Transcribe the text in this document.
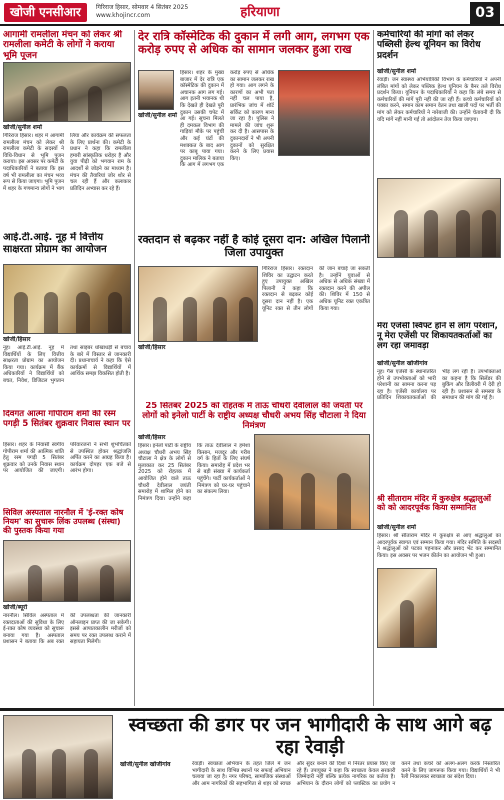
खोजी एनसीआर	गिरिराज हिसार, सोमवार 4 सितंबर 2025
www.khojincr.com	हरियाणा	03
आगामी रामलीला मंचन को लेकर श्री रामलीला कमेटी के लोगों ने कराया भूमि पूजन
खोजी/सुनील शर्मा
गिरिराज हिसार। शहर में आगामी रामलीला मंचन को लेकर श्री रामलीला कमेटी के सदस्यों ने विधि-विधान से भूमि पूजन कराया। इस अवसर पर कमेटी के पदाधिकारियों ने बताया कि इस वर्ष भी रामलीला का मंचन भव्य रूप से किया जाएगा। भूमि पूजन में शहर के गणमान्य लोगों ने भाग लिया और कार्यक्रम की सफलता के लिए प्रार्थना की। कमेटी के प्रधान ने कहा कि रामलीला हमारी सांस्कृतिक धरोहर है और युवा पीढ़ी को भगवान राम के आदर्शों से जोड़ने का माध्यम है। मंचन की तैयारियां जोर शोर से चल रही हैं और कलाकार प्रतिदिन अभ्यास कर रहे हैं।
आई.टी.आई. नूह में वित्तीय साक्षरता प्रोग्राम का आयोजन
खोजी/हिसार
नूह। आई.टी.आई. नूह में विद्यार्थियों के लिए वित्तीय साक्षरता प्रोग्राम का आयोजन किया गया। कार्यक्रम में बैंक अधिकारियों ने विद्यार्थियों को बचत, निवेश, डिजिटल भुगतान तथा साइबर धोखाधड़ी से बचाव के बारे में विस्तार से जानकारी दी। प्रधानाचार्य ने कहा कि ऐसे कार्यक्रमों से विद्यार्थियों में आर्थिक समझ विकसित होती है।
दिवंगत आत्मा गोपीराम शर्मा की रस्म पगड़ी 5 सितंबर शुक्रवार निवास स्थान पर
हिसार। शहर के निवासी स्वर्गीय गोपीराम शर्मा की आत्मिक शांति हेतु रस्म पगड़ी 5 सितंबर शुक्रवार को उनके निवास स्थान पर आयोजित की जाएगी। परिवारजनों ने सभी शुभचिंतकों से उपस्थित होकर श्रद्धांजलि अर्पित करने का आग्रह किया है। कार्यक्रम दोपहर एक बजे से आरंभ होगा।
सिविल अस्पताल नारनौल में 'ई-रक्त कोष नियम' का सुचारू लिंक उपलब्ध (संस्था) की पुस्तक किया गया
खोजी/ब्यूरो
नारनौल। सिविल अस्पताल में रक्तदाताओं की सुविधा के लिए ई-रक्त कोष व्यवस्था को सुचारू बनाया गया है। अस्पताल प्रशासन ने बताया कि अब रक्त की उपलब्धता की जानकारी ऑनलाइन प्राप्त की जा सकेगी। इससे आपातकालीन मरीजों को समय पर रक्त उपलब्ध कराने में सहायता मिलेगी।
देर रात्रि कॉस्मेटिक की दुकान में लगी आग, लगभग एक करोड़ रुपए से अधिक का सामान जलकर हुआ राख
खोजी/सुनील शर्मा
हिसार। शहर के मुख्य बाजार में देर रात्रि एक कॉस्मेटिक की दुकान में अचानक आग लग गई। आग इतनी भयानक थी कि देखते ही देखते पूरी दुकान उसकी चपेट में आ गई। सूचना मिलते ही दमकल विभाग की गाड़ियां मौके पर पहुंचीं और कई घंटों की मशक्कत के बाद आग पर काबू पाया गया। दुकान मालिक ने बताया कि आग में लगभग एक करोड़ रुपए से अधिक का सामान जलकर राख हो गया। आग लगने के कारणों का अभी पता नहीं चल पाया है, प्रारंभिक जांच में शॉर्ट सर्किट को कारण माना जा रहा है। पुलिस ने मामले की जांच शुरू कर दी है। आसपास के दुकानदारों ने भी अपनी दुकानों को सुरक्षित करने के लिए प्रयास किए।
रक्तदान से बढ़कर नहीं है कोई दूसरा दान: अखिल पिलानी जिला उपायुक्त
खोजी/हिसार
गिरिराज हिसार। रक्तदान शिविर का उद्घाटन करते हुए उपायुक्त अखिल पिलानी ने कहा कि रक्तदान से बढ़कर कोई दूसरा दान नहीं है। एक यूनिट रक्त से तीन लोगों की जान बचाई जा सकती है। उन्होंने युवाओं से अधिक से अधिक संख्या में रक्तदान करने की अपील की। शिविर में 150 से अधिक यूनिट रक्त एकत्रित किया गया।
25 सितंबर 2025 को रोहतक में ताऊ चौधरी देवीलाल की जयंती पर लोगों को इनेलो पार्टी के राष्ट्रीय अध्यक्ष चौधरी अभय सिंह चौटाला ने दिया निमंत्रण
खोजी/हिसार
हिसार। इनेलो पार्टी के राष्ट्रीय अध्यक्ष चौधरी अभय सिंह चौटाला ने क्षेत्र के लोगों से मुलाकात कर 25 सितंबर 2025 को रोहतक में आयोजित होने वाले ताऊ चौधरी देवीलाल जयंती समारोह में शामिल होने का निमंत्रण दिया। उन्होंने कहा कि ताऊ देवीलाल ने हमेशा किसान, मजदूर और गरीब वर्ग के हितों के लिए संघर्ष किया। समारोह में प्रदेश भर से बड़ी संख्या में कार्यकर्ता पहुंचेंगे। पार्टी कार्यकर्ताओं ने निमंत्रण को घर-घर पहुंचाने का संकल्प लिया।
कर्मचारियों की मांगों को लेकर पब्लिसी हेल्थ यूनियन का विरोध प्रदर्शन
खोजी/सुनील शर्मा
रेवाड़ी। जन स्वास्थ्य अभियांत्रिकी विभाग के कर्मचारियों ने अपनी लंबित मांगों को लेकर पब्लिक हेल्थ यूनियन के बैनर तले विरोध प्रदर्शन किया। यूनियन के पदाधिकारियों ने कहा कि लंबे समय से कर्मचारियों की मांगें पूरी नहीं की जा रही हैं। कच्चे कर्मचारियों को पक्का करने, समान काम समान वेतन तथा खाली पदों पर भर्ती की मांग को लेकर कर्मचारियों ने नारेबाजी की। उन्होंने चेतावनी दी कि यदि मांगें नहीं मानी गईं तो आंदोलन तेज किया जाएगा।
मेरा एजेंसी स्विफ्ट होने से लोग परेशान, नू मेरा एजेंसी पर शिकायतकर्ताओं का लग रहा जमावड़ा
खोजी/सुनील खोजीगांव
नूह। गैस एजेंसी के स्थानांतरित होने से उपभोक्ताओं को भारी परेशानी का सामना करना पड़ रहा है। एजेंसी कार्यालय पर प्रतिदिन शिकायतकर्ताओं की भीड़ लग रही है। उपभोक्ताओं का कहना है कि सिलेंडर की बुकिंग और डिलीवरी में देरी हो रही है। प्रशासन से समस्या के समाधान की मांग की गई है।
श्री सीताराम मंदिर में कुरुक्षेत्र श्रद्धालुओं को को आदरपूर्वक किया सम्मानित
खोजी/सुनील शर्मा
हिसार। श्री सीताराम मंदिर में कुरुक्षेत्र से आए श्रद्धालुओं का आदरपूर्वक स्वागत एवं सम्मान किया गया। मंदिर समिति के सदस्यों ने श्रद्धालुओं को पटका पहनाकर और प्रसाद भेंट कर सम्मानित किया। इस अवसर पर भजन कीर्तन का आयोजन भी हुआ।
स्वच्छता की डगर पर जन भागीदारी के साथ आगे बढ़ रहा रेवाड़ी
खोजी/सुनील खोजीगांव	रेवाड़ी। स्वच्छता अभियान के तहत जिले में जन भागीदारी के साथ विभिन्न स्थानों पर सफाई अभियान चलाया जा रहा है। नगर परिषद, सामाजिक संस्थाओं और आम नागरिकों की सहभागिता से शहर को स्वच्छ और सुंदर बनाने की दिशा में निरंतर प्रयास किए जा रहे हैं। उपायुक्त ने कहा कि स्वच्छता केवल सरकारी जिम्मेदारी नहीं बल्कि प्रत्येक नागरिक का कर्तव्य है। अभियान के दौरान लोगों को प्लास्टिक का प्रयोग न करने तथा कचरे को अलग-अलग करके निस्तारित करने के लिए जागरूक किया गया। विद्यार्थियों ने भी रैली निकालकर स्वच्छता का संदेश दिया।
